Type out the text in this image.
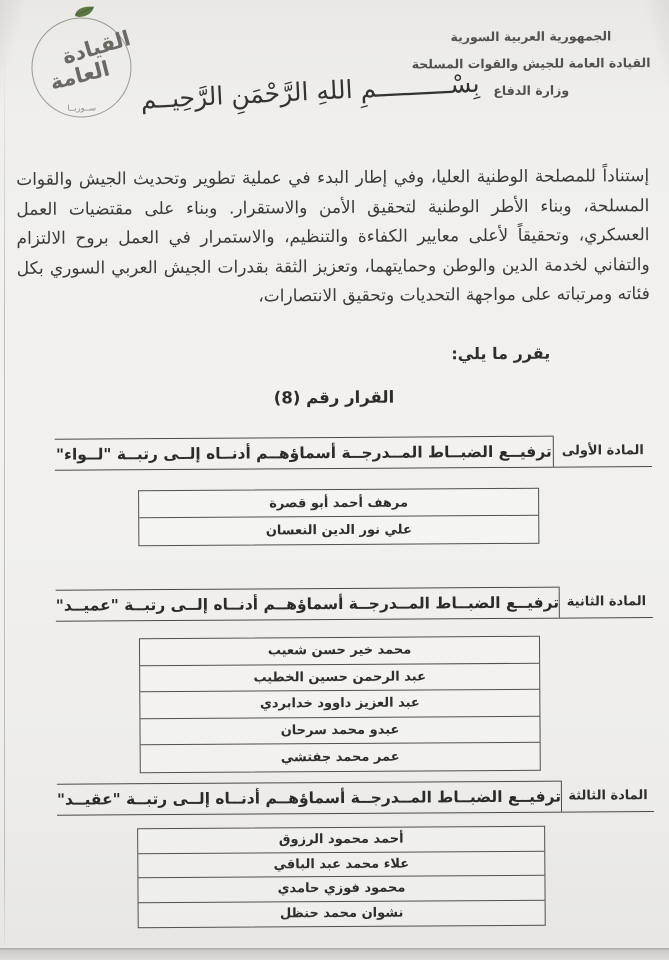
الجمهورية العربية السورية
القيادة العامة للجيش والقوات المسلحة
وزارة الدفاع
القيادة
العامة
ســوريــا	بِسْــــــــــمِ اللهِ الرَّحْمَنِ الرَّحِيــم
إستناداً للمصلحة الوطنية العليا، وفي إطار البدء في عملية تطوير وتحديث الجيش والقوات المسلحة، وبناء الأطر الوطنية لتحقيق الأمن والاستقرار. وبناء على مقتضيات العمل العسكري، وتحقيقاً لأعلى معايير الكفاءة والتنظيم، والاستمرار في العمل بروح الالتزام والتفاني لخدمة الدين والوطن وحمايتهما، وتعزيز الثقة بقدرات الجيش العربي السوري بكل فئاته ومرتباته على مواجهة التحديات وتحقيق الانتصارات،
يقرر ما يلي:
القرار رقم (8)
المادة الأولى
ترفيــع الضبــاط المــدرجــة أسماؤهــم أدنــاه إلــى رتبــة "لــواء"
مرهف أحمد أبو قصرة
علي نور الدين النعسان
المادة الثانية
ترفيــع الضبــاط المــدرجــة أسماؤهــم أدنــاه إلــى رتبــة "عميــد"
محمد خير حسن شعيب
عبد الرحمن حسين الخطيب
عبد العزيز داوود خدابردي
عبدو محمد سرحان
عمر محمد جفتشي
المادة الثالثة
ترفيــع الضبــاط المــدرجــة أسماؤهــم أدنــاه إلــى رتبــة "عقيــد"
أحمد محمود الرزوق
علاء محمد عبد الباقي
محمود فوزي حامدي
نشوان محمد حنظل
